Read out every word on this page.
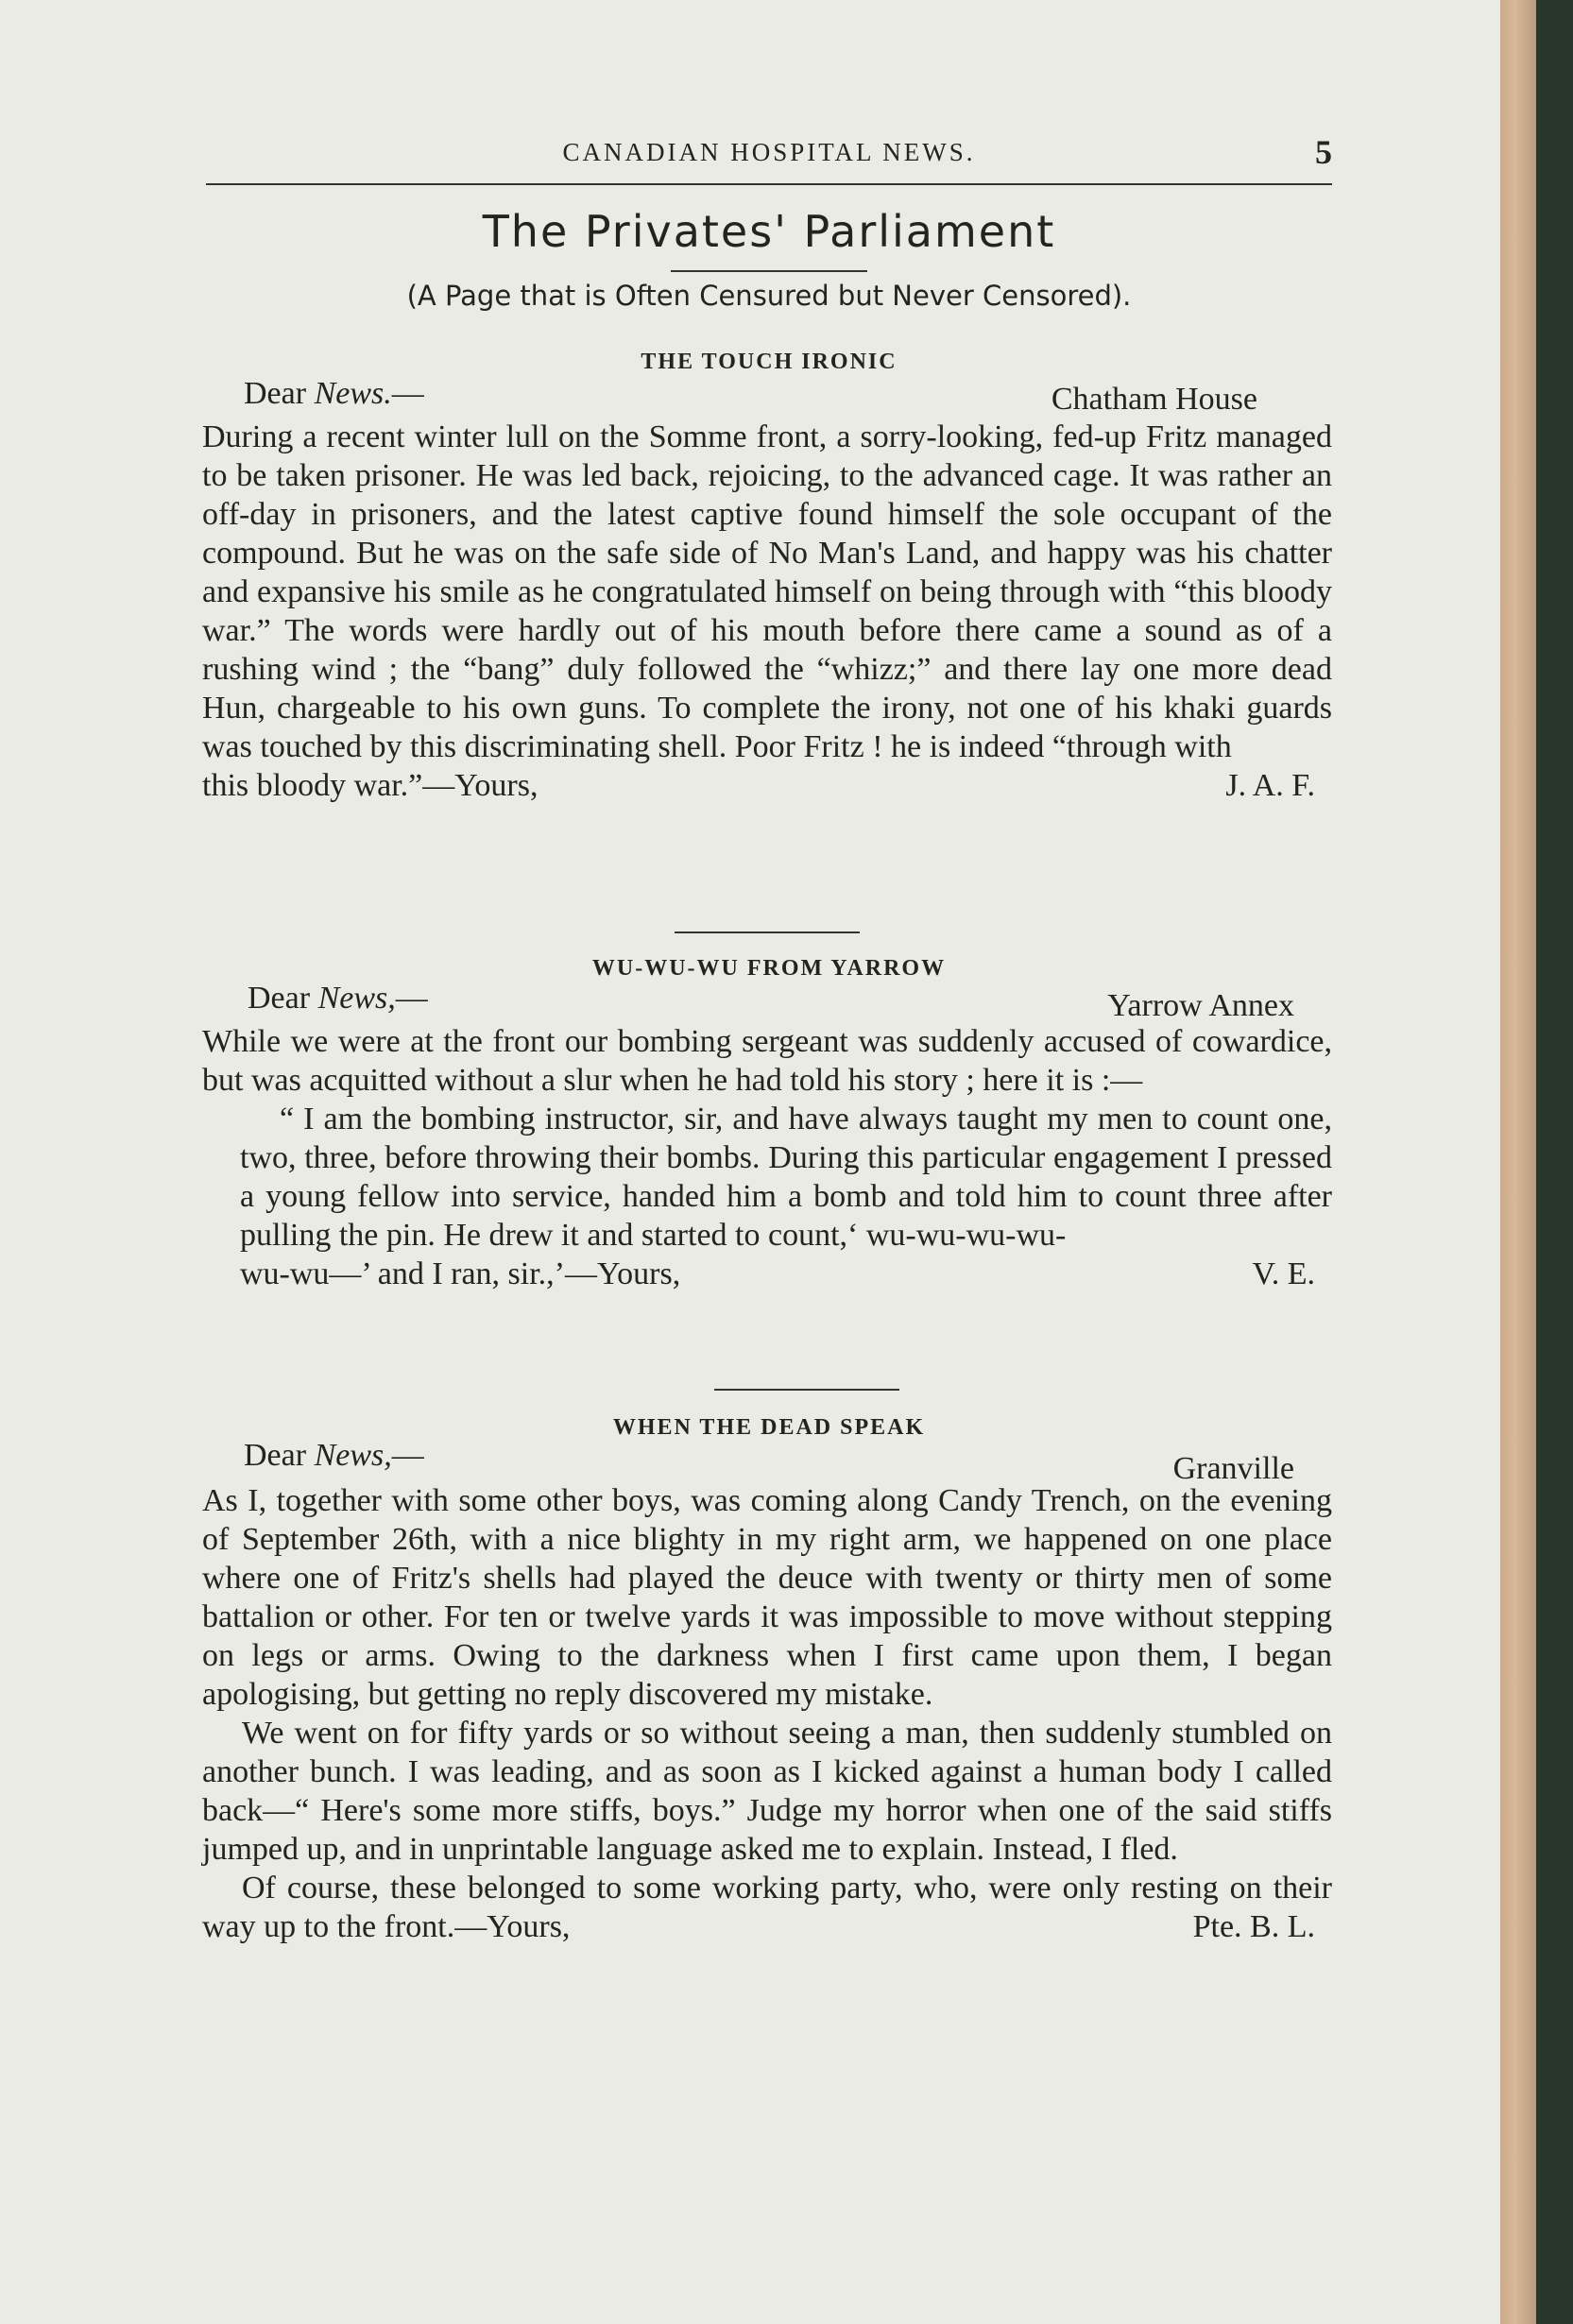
CANADIAN HOSPITAL NEWS.	5
The Privates' Parliament
(A Page that is Often Censured but Never Censored).
THE TOUCH IRONIC
Dear News.—	Chatham House

During a recent winter lull on the Somme front, a sorry-looking, fed-up Fritz managed to be taken prisoner. He was led back, rejoicing, to the advanced cage. It was rather an off-day in prisoners, and the latest captive found himself the sole occupant of the compound. But he was on the safe side of No Man's Land, and happy was his chatter and expansive his smile as he congratulated himself on being through with “this bloody war.” The words were hardly out of his mouth before there came a sound as of a rushing wind ; the “bang” duly followed the “whizz;” and there lay one more dead Hun, chargeable to his own guns. To complete the irony, not one of his khaki guards was touched by this discriminating shell. Poor Fritz ! he is indeed “through with

this bloody war.”—Yours,	J. A. F.
WU-WU-WU FROM YARROW
Dear News,—	Yarrow Annex

While we were at the front our bombing sergeant was suddenly accused of cowardice, but was acquitted without a slur when he had told his story ; here it is :—

“ I am the bombing instructor, sir, and have always taught my men to count one, two, three, before throwing their bombs. During this particular engagement I pressed a young fellow into service, handed him a bomb and told him to count three after pulling the pin. He drew it and started to count,‘ wu-wu-wu-wu-

wu-wu—’ and I ran, sir.,’—Yours,	V. E.
WHEN THE DEAD SPEAK
Dear News,—	Granville

As I, together with some other boys, was coming along Candy Trench, on the evening of September 26th, with a nice blighty in my right arm, we happened on one place where one of Fritz's shells had played the deuce with twenty or thirty men of some battalion or other. For ten or twelve yards it was impossible to move without stepping on legs or arms. Owing to the darkness when I first came upon them, I began apologising, but getting no reply discovered my mistake.

We went on for fifty yards or so without seeing a man, then suddenly stumbled on another bunch. I was leading, and as soon as I kicked against a human body I called back—“ Here's some more stiffs, boys.” Judge my horror when one of the said stiffs jumped up, and in unprintable language asked me to explain. Instead, I fled.

Of course, these belonged to some working party, who, were only resting on their way up to the front.—Yours,	Pte. B. L.
